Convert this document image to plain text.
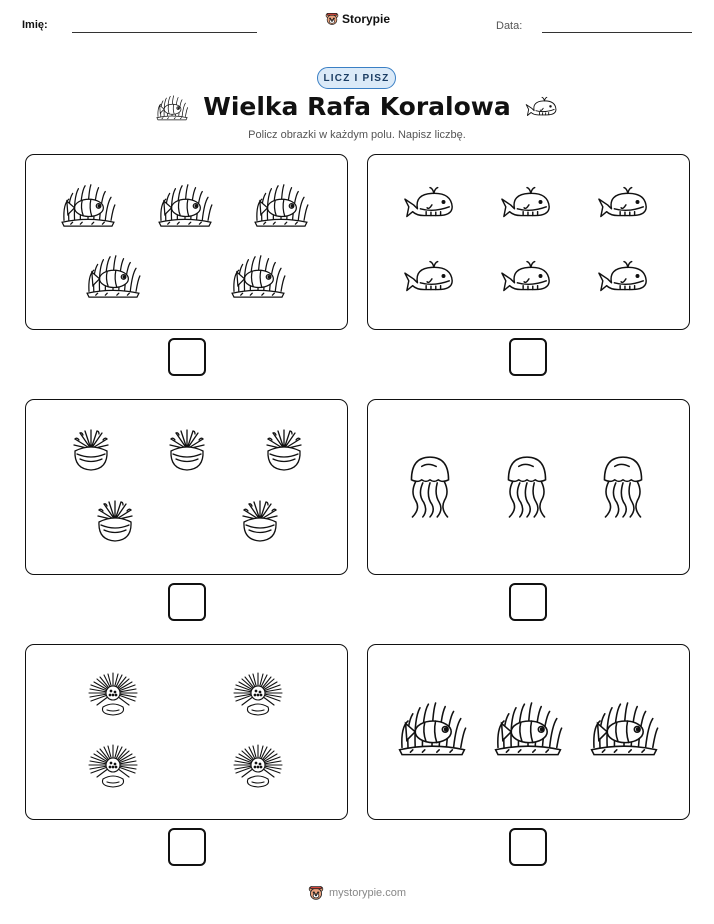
Imię:	Storypie	Data:
LICZ I PISZ
Wielka Rafa Koralowa
Policz obrazki w każdym polu. Napisz liczbę.
mystorypie.com
